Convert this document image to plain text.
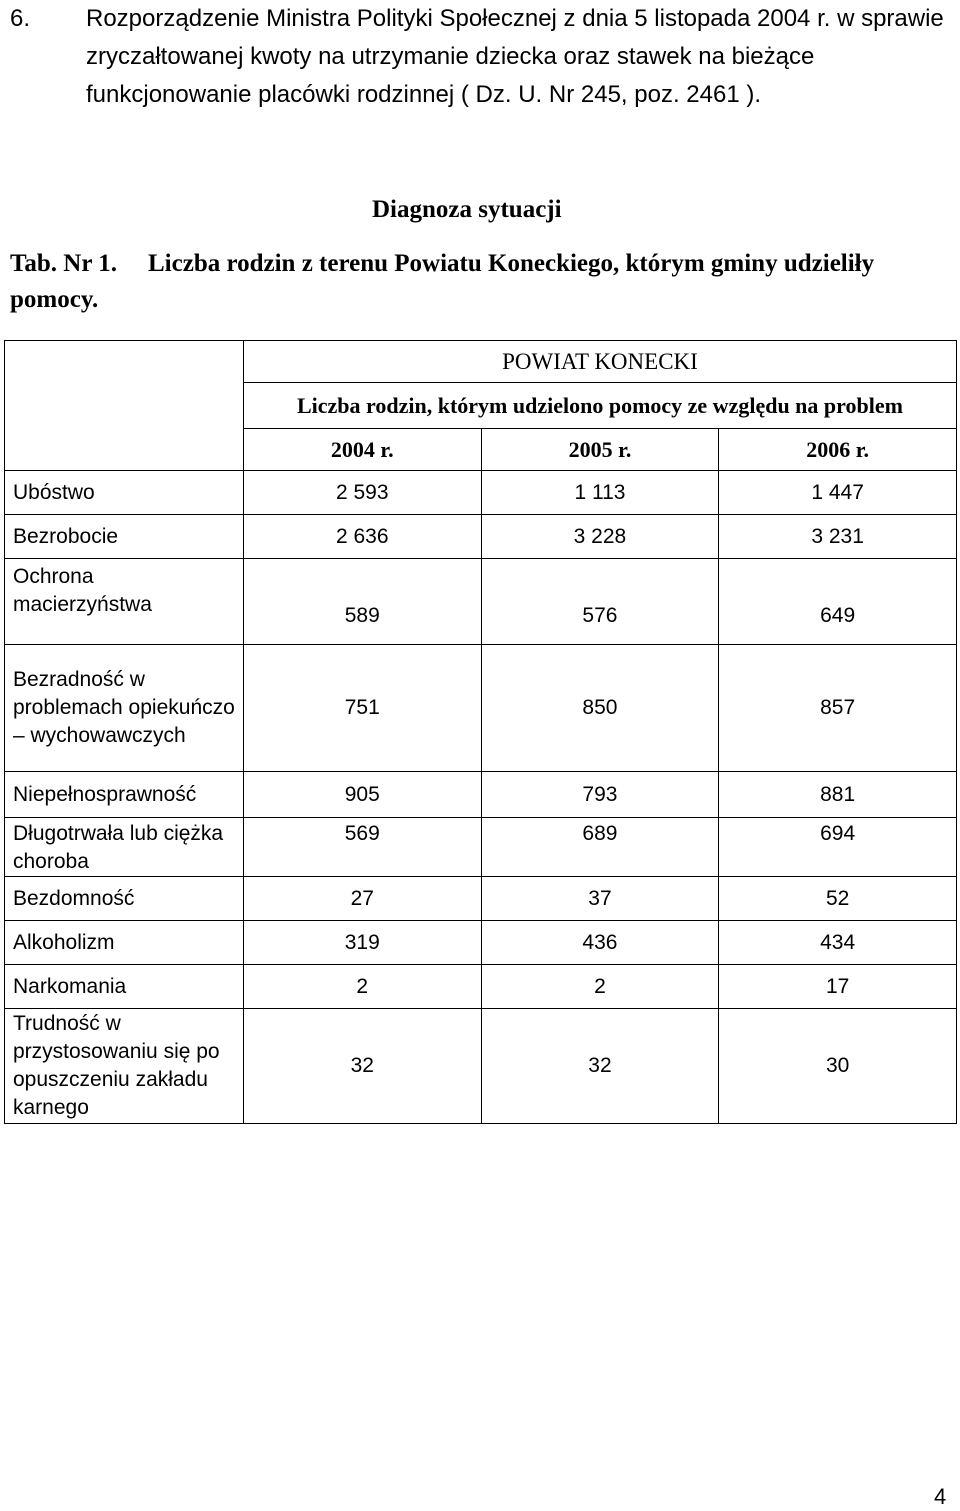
6. Rozporządzenie Ministra Polityki Społecznej z dnia 5 listopada 2004 r. w sprawie zryczałtowanej kwoty na utrzymanie dziecka oraz stawek na bieżące funkcjonowanie placówki rodzinnej ( Dz. U. Nr 245, poz. 2461 ).
Diagnoza sytuacji
Tab. Nr 1. Liczba rodzin z terenu Powiatu Koneckiego, którym gminy udzieliły pomocy.
	POWIAT KONECKI		
	Liczba rodzin, którym udzielono pomocy ze względu na problem		
	2004 r.	2005 r.	2006 r.
Ubóstwo	2 593	1 113	1 447
Bezrobocie	2 636	3 228	3 231
Ochrona macierzyństwa	589	576	649
Bezradność w problemach opiekuńczo – wychowawczych	751	850	857
Niepełnosprawność	905	793	881
Długotrwała lub ciężka choroba	569	689	694
Bezdomność	27	37	52
Alkoholizm	319	436	434
Narkomania	2	2	17
Trudność w przystosowaniu się po opuszczeniu zakładu karnego	32	32	30
4
